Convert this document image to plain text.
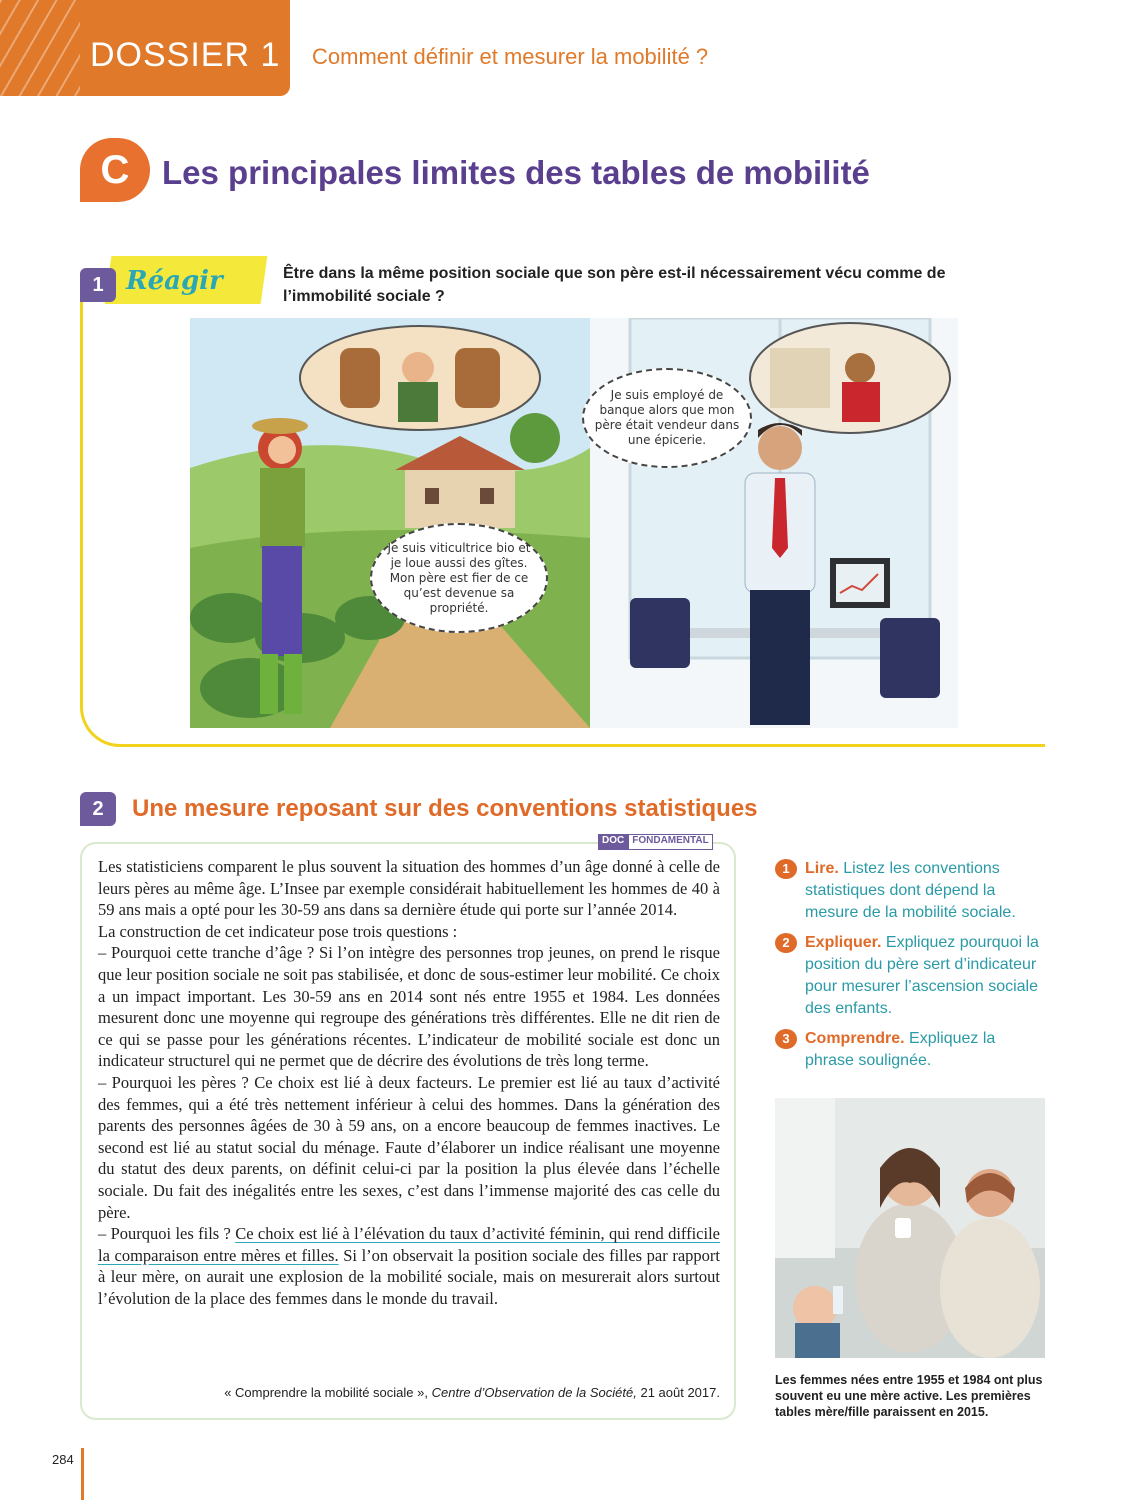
DOSSIER 1 Comment définir et mesurer la mobilité ?
C Les principales limites des tables de mobilité
1 Réagir	Être dans la même position sociale que son père est-il nécessairement vécu comme de l’immobilité sociale ?
Je suis viticultrice bio et je loue aussi des gîtes. Mon père est fier de ce qu’est devenue sa propriété.
Je suis employé de banque alors que mon père était vendeur dans une épicerie.
2	Une mesure reposant sur des conventions statistiques
DOC FONDAMENTAL

Les statisticiens comparent le plus souvent la situation des hommes d’un âge donné à celle de leurs pères au même âge. L’Insee par exemple considérait habituellement les hommes de 40 à 59 ans mais a opté pour les 30-59 ans dans sa dernière étude qui porte sur l’année 2014.

La construction de cet indicateur pose trois questions :

– Pourquoi cette tranche d’âge ? Si l’on intègre des personnes trop jeunes, on prend le risque que leur position sociale ne soit pas stabilisée, et donc de sous-estimer leur mobilité. Ce choix a un impact important. Les 30-59 ans en 2014 sont nés entre 1955 et 1984. Les données mesurent donc une moyenne qui regroupe des générations très différentes. Elle ne dit rien de ce qui se passe pour les générations récentes. L’indicateur de mobilité sociale est donc un indicateur structurel qui ne permet que de décrire des évolutions de très long terme.

– Pourquoi les pères ? Ce choix est lié à deux facteurs. Le premier est lié au taux d’activité des femmes, qui a été très nettement inférieur à celui des hommes. Dans la génération des parents des personnes âgées de 30 à 59 ans, on a encore beaucoup de femmes inactives. Le second est lié au statut social du ménage. Faute d’élaborer un indice réalisant une moyenne du statut des deux parents, on définit celui-ci par la position la plus élevée dans l’échelle sociale. Du fait des inégalités entre les sexes, c’est dans l’immense majorité des cas celle du père.

– Pourquoi les fils ? Ce choix est lié à l’élévation du taux d’activité féminin, qui rend difficile la comparaison entre mères et filles. Si l’on observait la position sociale des filles par rapport à leur mère, on aurait une explosion de la mobilité sociale, mais on mesurerait alors surtout l’évolution de la place des femmes dans le monde du travail.

« Comprendre la mobilité sociale », Centre d’Observation de la Société, 21 août 2017.
1 Lire. Listez les conventions statistiques dont dépend la mesure de la mobilité sociale.
2 Expliquer. Expliquez pourquoi la position du père sert d’indicateur pour mesurer l’ascension sociale des enfants.
3 Comprendre. Expliquez la phrase soulignée.
Les femmes nées entre 1955 et 1984 ont plus souvent eu une mère active. Les premières tables mère/fille paraissent en 2015.
284
